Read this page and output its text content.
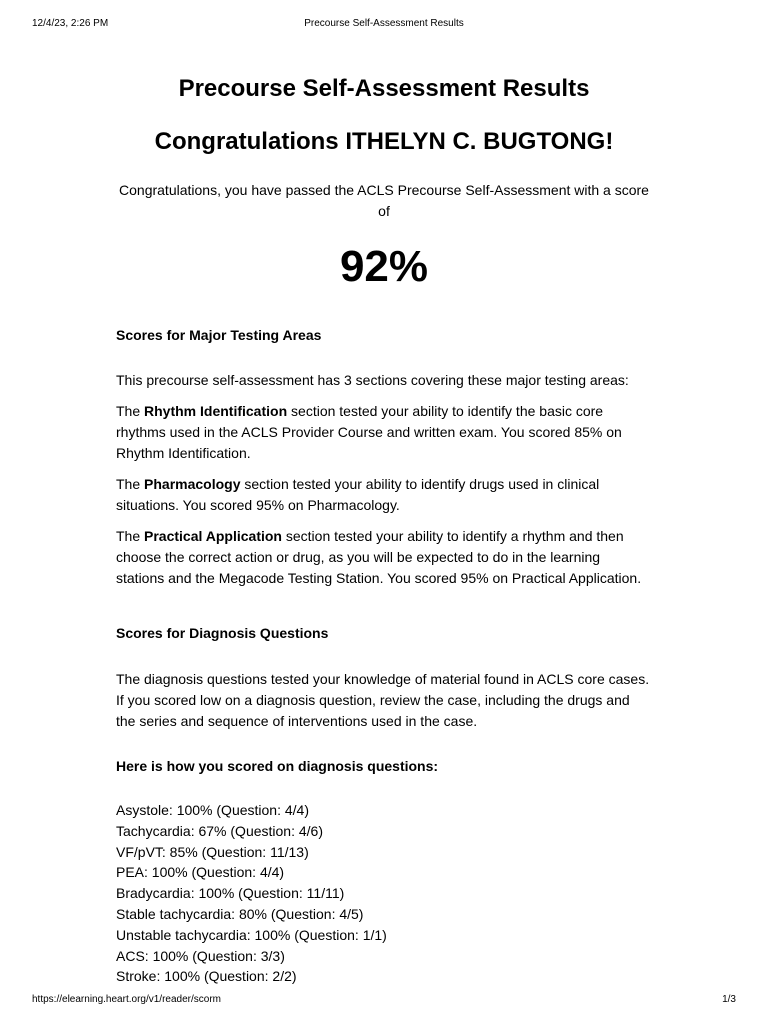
12/4/23, 2:26 PM	Precourse Self-Assessment Results
Precourse Self-Assessment Results
Congratulations ITHELYN C. BUGTONG!
Congratulations, you have passed the ACLS Precourse Self-Assessment with a score of
92%
Scores for Major Testing Areas

This precourse self-assessment has 3 sections covering these major testing areas:

The Rhythm Identification section tested your ability to identify the basic core rhythms used in the ACLS Provider Course and written exam. You scored 85% on Rhythm Identification.

The Pharmacology section tested your ability to identify drugs used in clinical situations. You scored 95% on Pharmacology.

The Practical Application section tested your ability to identify a rhythm and then choose the correct action or drug, as you will be expected to do in the learning stations and the Megacode Testing Station. You scored 95% on Practical Application.

Scores for Diagnosis Questions

The diagnosis questions tested your knowledge of material found in ACLS core cases. If you scored low on a diagnosis question, review the case, including the drugs and the series and sequence of interventions used in the case.

Here is how you scored on diagnosis questions:
Asystole: 100% (Question: 4/4)
Tachycardia: 67% (Question: 4/6)
VF/pVT: 85% (Question: 11/13)
PEA: 100% (Question: 4/4)
Bradycardia: 100% (Question: 11/11)
Stable tachycardia: 80% (Question: 4/5)
Unstable tachycardia: 100% (Question: 1/1)
ACS: 100% (Question: 3/3)
Stroke: 100% (Question: 2/2)
https://elearning.heart.org/v1/reader/scorm	1/3
